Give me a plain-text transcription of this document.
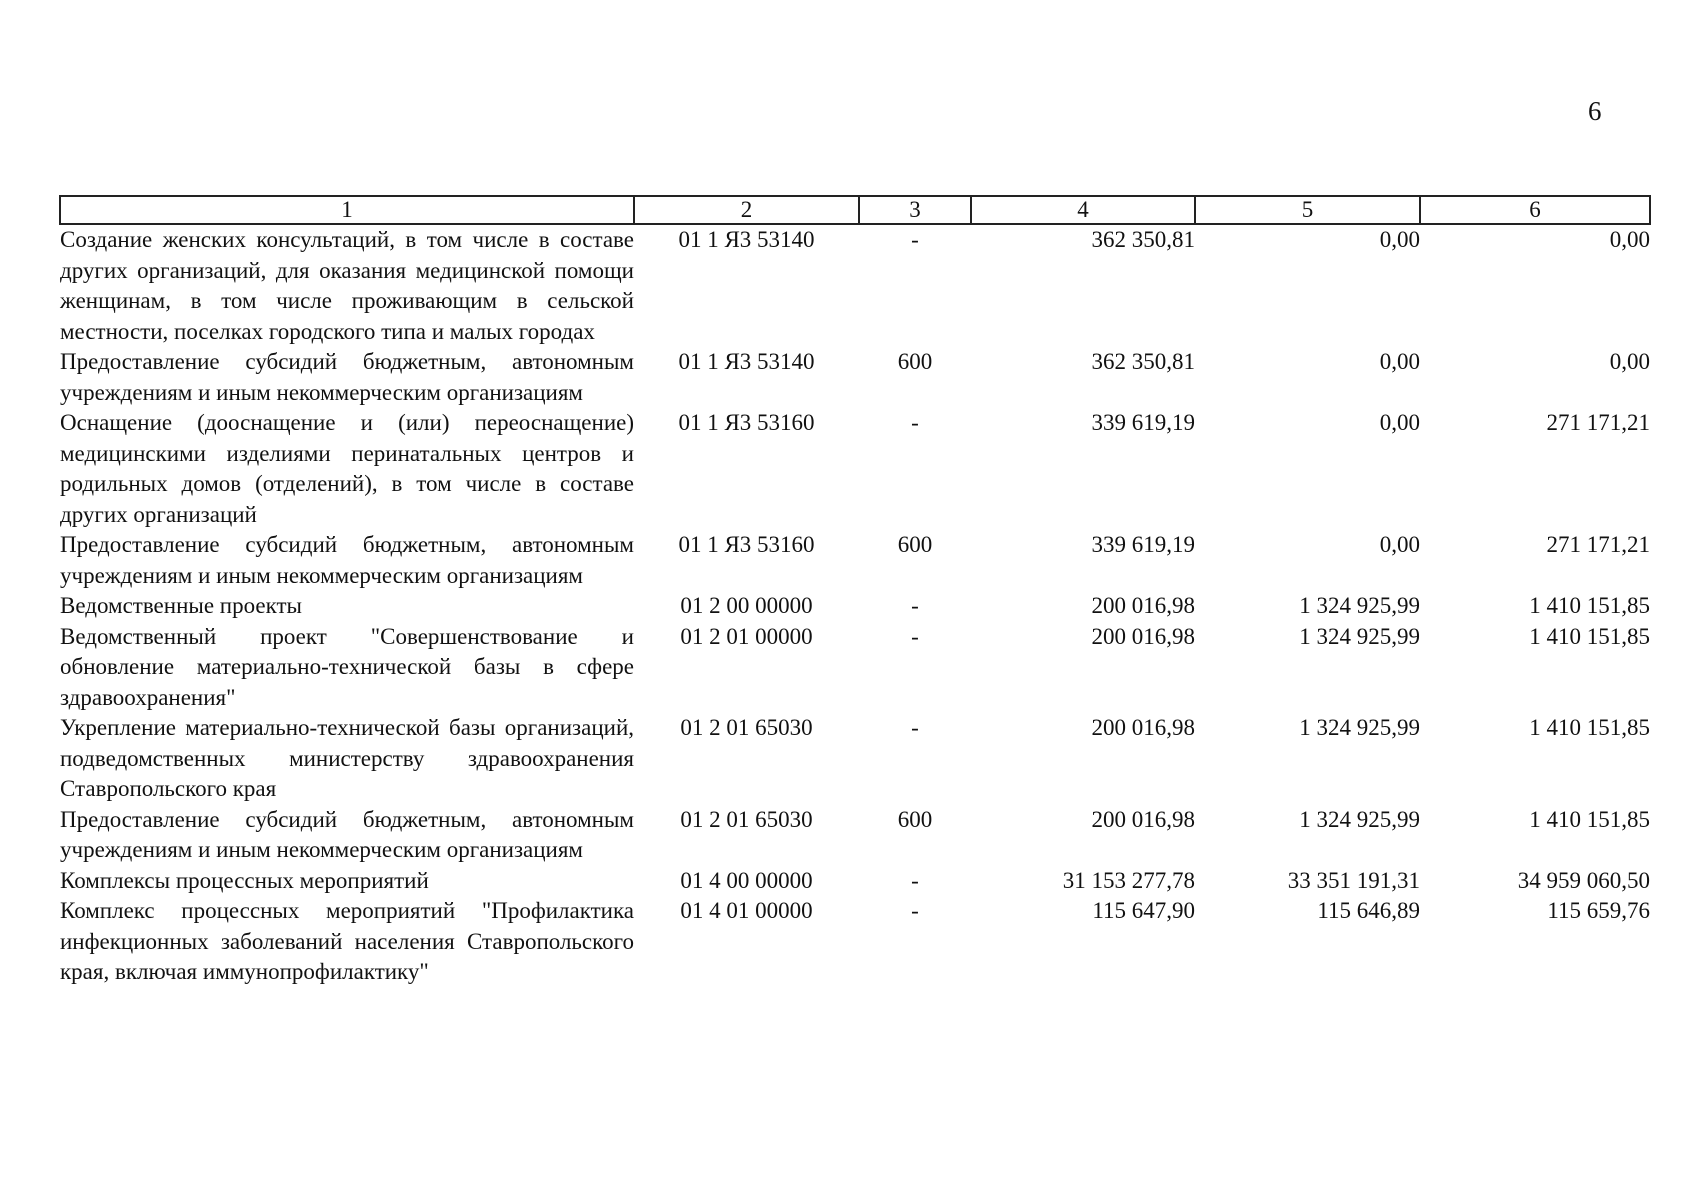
6
1	2	3	4	5	6
Создание женских консультаций, в том числе в составе других организаций, для оказания медицинской помощи женщинам, в том числе проживающим в сельской местности, поселках городского типа и малых городах	01 1 Я3 53140	-	362 350,81	0,00	0,00
Предоставление субсидий бюджетным, автономным учреждениям и иным некоммерческим организациям	01 1 Я3 53140	600	362 350,81	0,00	0,00
Оснащение (дооснащение и (или) переоснащение) медицинскими изделиями перинатальных центров и родильных домов (отделений), в том числе в составе других организаций	01 1 Я3 53160	-	339 619,19	0,00	271 171,21
Предоставление субсидий бюджетным, автономным учреждениям и иным некоммерческим организациям	01 1 Я3 53160	600	339 619,19	0,00	271 171,21
Ведомственные проекты	01 2 00 00000	-	200 016,98	1 324 925,99	1 410 151,85
Ведомственный проект "Совершенствование и обновление материально-технической базы в сфере здравоохранения"	01 2 01 00000	-	200 016,98	1 324 925,99	1 410 151,85
Укрепление материально-технической базы организаций, подведомственных министерству здравоохранения Ставропольского края	01 2 01 65030	-	200 016,98	1 324 925,99	1 410 151,85
Предоставление субсидий бюджетным, автономным учреждениям и иным некоммерческим организациям	01 2 01 65030	600	200 016,98	1 324 925,99	1 410 151,85
Комплексы процессных мероприятий	01 4 00 00000	-	31 153 277,78	33 351 191,31	34 959 060,50
Комплекс процессных мероприятий "Профилактика инфекционных заболеваний населения Ставропольского края, включая иммунопрофилактику"	01 4 01 00000	-	115 647,90	115 646,89	115 659,76
